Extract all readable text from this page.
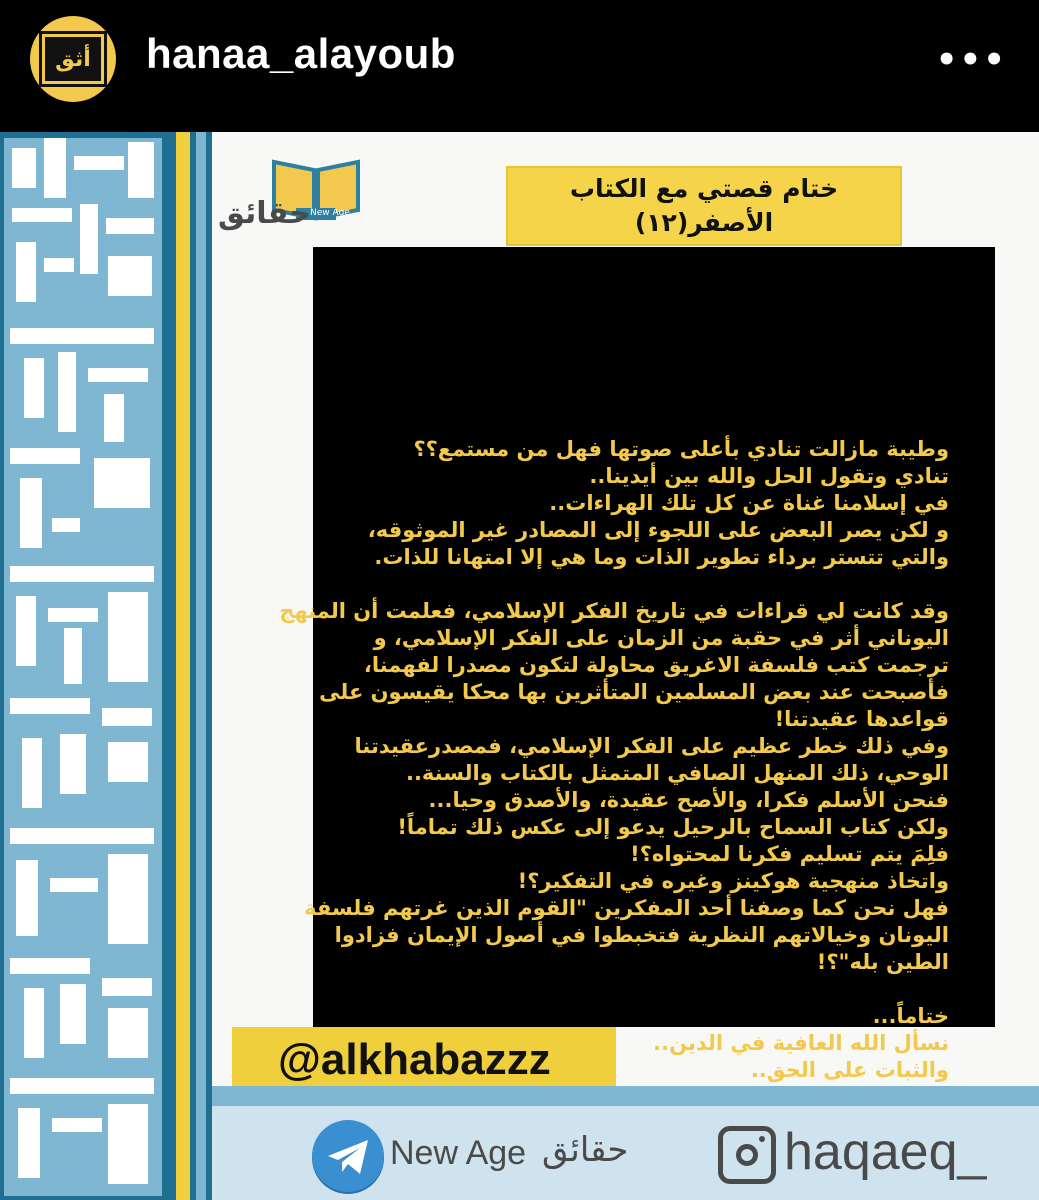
أثق hanaa_alayoub	•••
حقائق New Age
ختام قصتي مع الكتاب
الأصفر(١٢)
وطيبة مازالت تنادي بأعلى صوتها فهل من مستمع؟؟
تنادي وتقول الحل والله بين أيدينا..
في إسلامنا غناة عن كل تلك الهراءات..
و لكن يصر البعض على اللجوء إلى المصادر غير الموثوقه،
والتي تتستر برداء تطوير الذات وما هي إلا امتهانا للذات.
وقد كانت لي قراءات في تاريخ الفكر الإسلامي، فعلمت أن المنهج
اليوناني أثر في حقبة من الزمان على الفكر الإسلامي، و
ترجمت كتب فلسفة الاغريق محاولة لتكون مصدرا لفهمنا،
فأصبحت عند بعض المسلمين المتأثرين بها محكا يقيسون على
قواعدها عقيدتنا!
وفي ذلك خطر عظيم على الفكر الإسلامي، فمصدرعقيدتنا
الوحي، ذلك المنهل الصافي المتمثل بالكتاب والسنة..
فنحن الأسلم فكرا، والأصح عقيدة، والأصدق وحيا...
ولكن كتاب السماح بالرحيل يدعو إلى عكس ذلك تماماً!
فلِمَ يتم تسليم فكرنا لمحتواه؟!
واتخاذ منهجية هوكينز وغيره في التفكير؟!
فهل نحن كما وصفنا أحد المفكرين "القوم الذين غرتهم فلسفة
اليونان وخيالاتهم النظرية فتخبطوا في أصول الإيمان فزادوا
الطين بله"؟!
ختاماً...
نسأل الله العافية في الدين..
والثبات على الحق..
@alkhabazzz
New Age حقائق	haqaeq_
